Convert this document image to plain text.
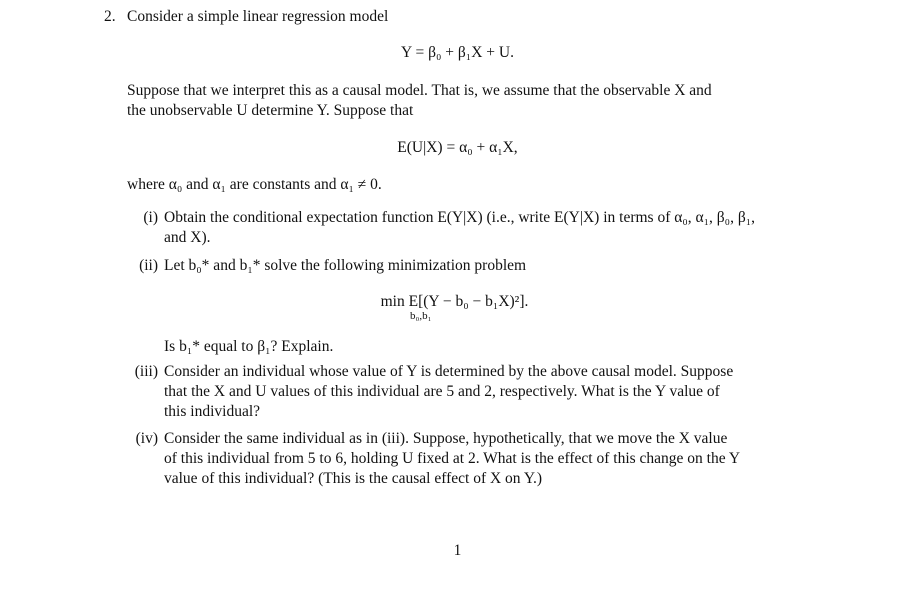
2. Consider a simple linear regression model
Y = β₀ + β₁X + U.
Suppose that we interpret this as a causal model. That is, we assume that the observable X and
the unobservable U determine Y. Suppose that
E(U|X) = α₀ + α₁X,
where α₀ and α₁ are constants and α₁ ≠ 0.
(i) Obtain the conditional expectation function E(Y|X) (i.e., write E(Y|X) in terms of α₀, α₁, β₀, β₁,
and X).
(ii) Let b₀* and b₁* solve the following minimization problem
min E[(Y − b₀ − b₁X)²].
b₀,b₁
Is b₁* equal to β₁? Explain.
(iii) Consider an individual whose value of Y is determined by the above causal model. Suppose
that the X and U values of this individual are 5 and 2, respectively. What is the Y value of
this individual?
(iv) Consider the same individual as in (iii). Suppose, hypothetically, that we move the X value
of this individual from 5 to 6, holding U fixed at 2. What is the effect of this change on the Y
value of this individual? (This is the causal effect of X on Y.)
1
